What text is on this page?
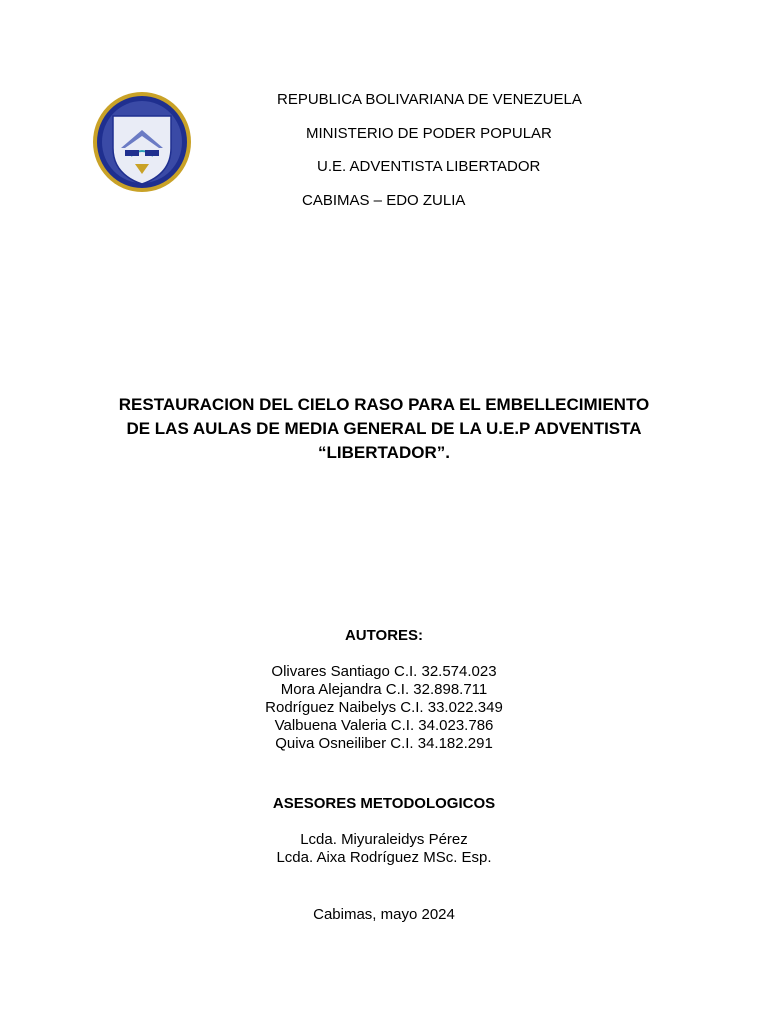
REPUBLICA BOLIVARIANA DE VENEZUELA
MINISTERIO DE PODER POPULAR
U.E. ADVENTISTA LIBERTADOR
CABIMAS – EDO ZULIA
RESTAURACION DEL CIELO RASO PARA EL EMBELLECIMIENTO
DE LAS AULAS DE MEDIA GENERAL DE LA U.E.P ADVENTISTA
“LIBERTADOR”.
AUTORES:
Olivares Santiago C.I. 32.574.023
Mora Alejandra C.I. 32.898.711
Rodríguez Naibelys C.I. 33.022.349
Valbuena Valeria C.I. 34.023.786
Quiva Osneiliber C.I. 34.182.291
ASESORES METODOLOGICOS
Lcda. Miyuraleidys Pérez
Lcda. Aixa Rodríguez MSc. Esp.
Cabimas, mayo 2024
